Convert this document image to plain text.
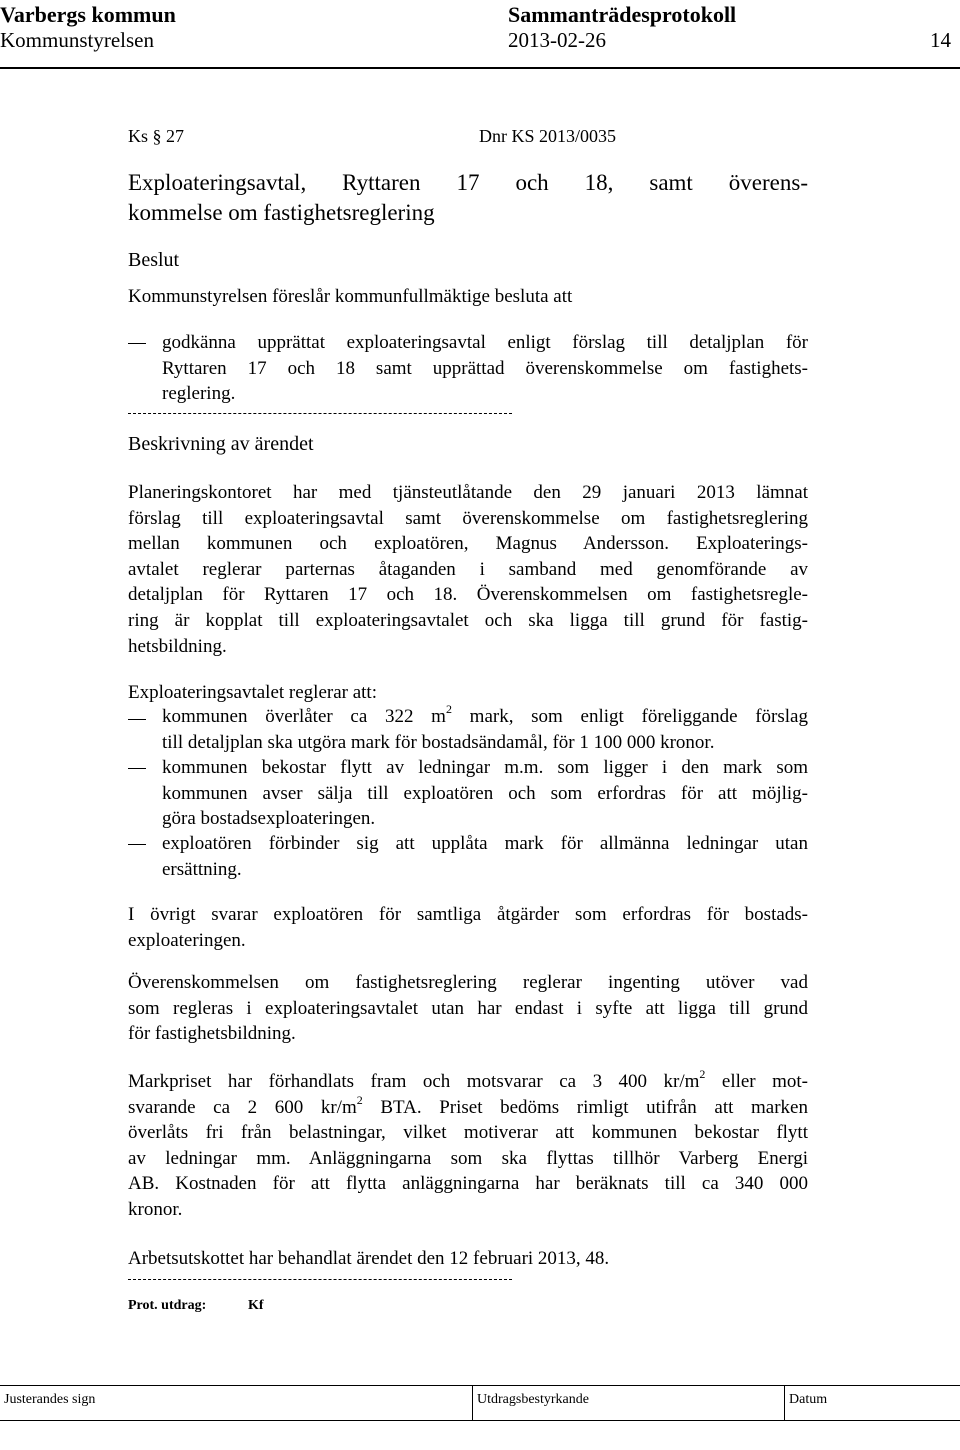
Varbergs kommun	Sammanträdesprotokoll
Kommunstyrelsen	2013-02-26	14
Ks § 27	Dnr KS 2013/0035
Exploateringsavtal, Ryttaren 17 och 18, samt överens-
kommelse om fastighetsreglering
Beslut
Kommunstyrelsen föreslår kommunfullmäktige besluta att
godkänna upprättat exploateringsavtal enligt förslag till detaljplan för
Ryttaren 17 och 18 samt upprättad överenskommelse om fastighets-
reglering.
Beskrivning av ärendet
Planeringskontoret har med tjänsteutlåtande den 29 januari 2013 lämnat
förslag till exploateringsavtal samt överenskommelse om fastighetsreglering
mellan kommunen och exploatören, Magnus Andersson. Exploaterings-
avtalet reglerar parternas åtaganden i samband med genomförande av
detaljplan för Ryttaren 17 och 18. Överenskommelsen om fastighetsregle-
ring är kopplat till exploateringsavtalet och ska ligga till grund för fastig-
hetsbildning.
Exploateringsavtalet reglerar att:
kommunen överlåter ca 322 $m^2$ mark, som enligt föreliggande förslag
till detaljplan ska utgöra mark för bostadsändamål, för 1 100 000 kronor.
kommunen bekostar flytt av ledningar m.m. som ligger i den mark som
kommunen avser sälja till exploatören och som erfordras för att möjlig-
göra bostadsexploateringen.
exploatören förbinder sig att upplåta mark för allmänna ledningar utan
ersättning.
I övrigt svarar exploatören för samtliga åtgärder som erfordras för bostads-
exploateringen.
Överenskommelsen om fastighetsreglering reglerar ingenting utöver vad
som regleras i exploateringsavtalet utan har endast i syfte att ligga till grund
för fastighetsbildning.
Markpriset har förhandlats fram och motsvarar ca 3 400 $kr/m^2$ eller mot-
svarande ca 2 600 $kr/m^2$ BTA. Priset bedöms rimligt utifrån att marken
överlåts fri från belastningar, vilket motiverar att kommunen bekostar flytt
av ledningar mm. Anläggningarna som ska flyttas tillhör Varberg Energi
AB. Kostnaden för att flytta anläggningarna har beräknats till ca 340 000
kronor.
Arbetsutskottet har behandlat ärendet den 12 februari 2013, 48.
Prot. utdrag:	Kf
Justerandes sign	Utdragsbestyrkande	Datum
